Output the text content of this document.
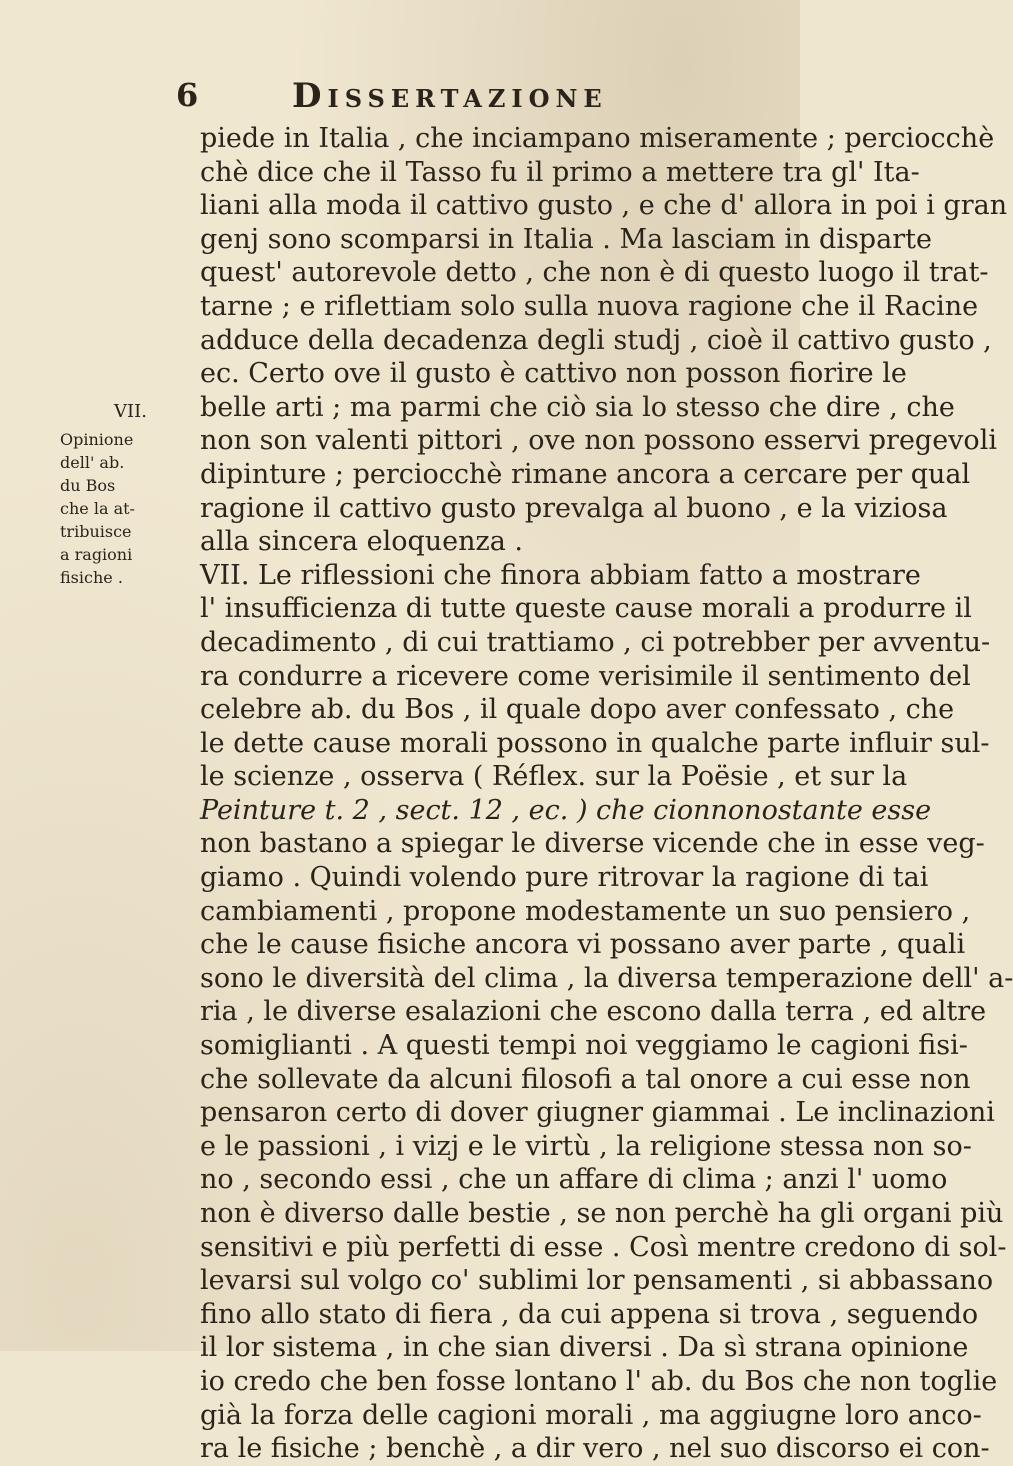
6	Dissertazione
VII.
Opinione
dell' ab.
du Bos
che la at-
tribuisce
a ragioni
fisiche .
piede in Italia , che inciampano miseramente ; perciocchè
chè dice che il Tasso fu il primo a mettere tra gl' Ita-
liani alla moda il cattivo gusto , e che d' allora in poi i gran
genj sono scomparsi in Italia . Ma lasciam in disparte
quest' autorevole detto , che non è di questo luogo il trat-
tarne ; e riflettiam solo sulla nuova ragione che il Racine
adduce della decadenza degli studj , cioè il cattivo gusto ,
ec. Certo ove il gusto è cattivo non posson fiorire le
belle arti ; ma parmi che ciò sia lo stesso che dire , che
non son valenti pittori , ove non possono esservi pregevoli
dipinture ; perciocchè rimane ancora a cercare per qual
ragione il cattivo gusto prevalga al buono , e la viziosa
alla sincera eloquenza .
VII. Le riflessioni che finora abbiam fatto a mostrare
l' insufficienza di tutte queste cause morali a produrre il
decadimento , di cui trattiamo , ci potrebber per avventu-
ra condurre a ricevere come verisimile il sentimento del
celebre ab. du Bos , il quale dopo aver confessato , che
le dette cause morali possono in qualche parte influir sul-
le scienze , osserva ( Réflex. sur la Poësie , et sur la
Peinture t. 2 , sect. 12 , ec. ) che cionnonostante esse
non bastano a spiegar le diverse vicende che in esse veg-
giamo . Quindi volendo pure ritrovar la ragione di tai
cambiamenti , propone modestamente un suo pensiero ,
che le cause fisiche ancora vi possano aver parte , quali
sono le diversità del clima , la diversa temperazione dell' a-
ria , le diverse esalazioni che escono dalla terra , ed altre
somiglianti . A questi tempi noi veggiamo le cagioni fisi-
che sollevate da alcuni filosofi a tal onore a cui esse non
pensaron certo di dover giugner giammai . Le inclinazioni
e le passioni , i vizj e le virtù , la religione stessa non so-
no , secondo essi , che un affare di clima ; anzi l' uomo
non è diverso dalle bestie , se non perchè ha gli organi più
sensitivi e più perfetti di esse . Così mentre credono di sol-
levarsi sul volgo co' sublimi lor pensamenti , si abbassano
fino allo stato di fiera , da cui appena si trova , seguendo
il lor sistema , in che sian diversi . Da sì strana opinione
io credo che ben fosse lontano l' ab. du Bos che non toglie
già la forza delle cagioni morali , ma aggiugne loro anco-
ra le fisiche ; benchè , a dir vero , nel suo discorso ei con-
